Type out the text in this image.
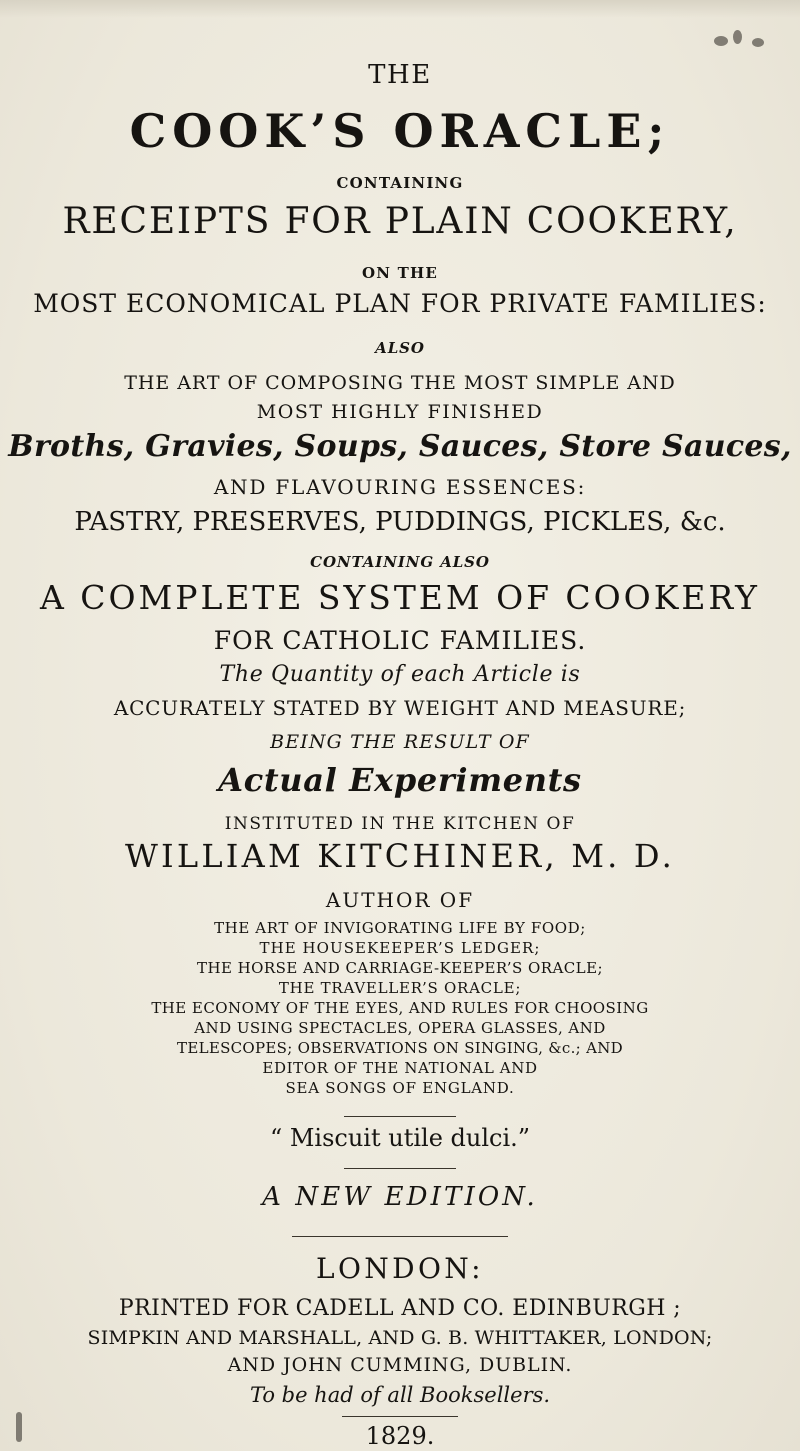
THE
COOK’S ORACLE;
CONTAINING
RECEIPTS FOR PLAIN COOKERY,
ON THE
MOST ECONOMICAL PLAN FOR PRIVATE FAMILIES:
ALSO
THE ART OF COMPOSING THE MOST SIMPLE AND
MOST HIGHLY FINISHED
Broths, Gravies, Soups, Sauces, Store Sauces,
AND FLAVOURING ESSENCES:
PASTRY, PRESERVES, PUDDINGS, PICKLES, &c.
CONTAINING ALSO
A COMPLETE SYSTEM OF COOKERY
FOR CATHOLIC FAMILIES.
The Quantity of each Article is
ACCURATELY STATED BY WEIGHT AND MEASURE;
BEING THE RESULT OF
Actual Experiments
INSTITUTED IN THE KITCHEN OF
WILLIAM KITCHINER, M. D.
AUTHOR OF
THE ART OF INVIGORATING LIFE BY FOOD;
THE HOUSEKEEPER’S LEDGER;
THE HORSE AND CARRIAGE-KEEPER’S ORACLE;
THE TRAVELLER’S ORACLE;
THE ECONOMY OF THE EYES, AND RULES FOR CHOOSING
AND USING SPECTACLES, OPERA GLASSES, AND
TELESCOPES; OBSERVATIONS ON SINGING, &c.; AND
EDITOR OF THE NATIONAL AND
SEA SONGS OF ENGLAND.
“ Miscuit utile dulci.”
A NEW EDITION.
LONDON:
PRINTED FOR CADELL AND CO. EDINBURGH ;
SIMPKIN AND MARSHALL, AND G. B. WHITTAKER, LONDON;
AND JOHN CUMMING, DUBLIN.
To be had of all Booksellers.
1829.
